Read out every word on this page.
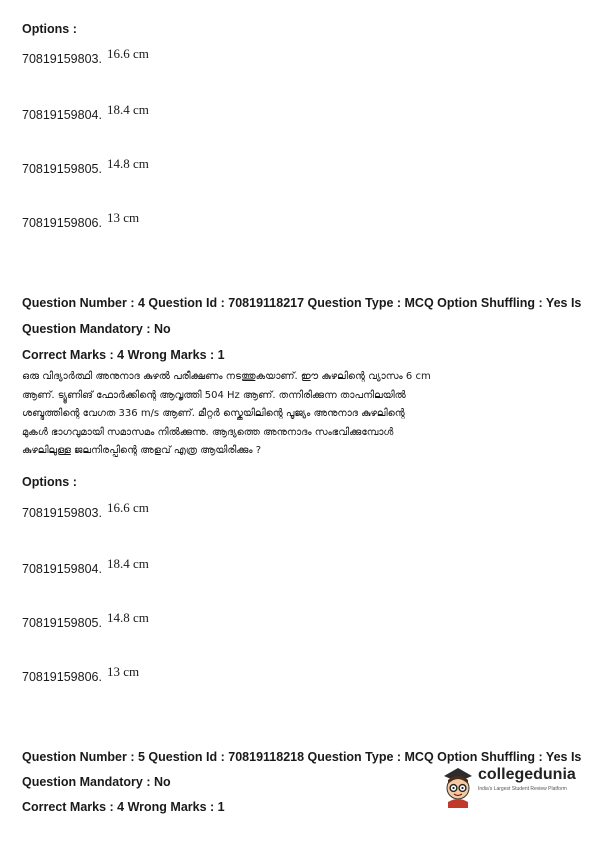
Options :
70819159803. 16.6 cm
70819159804. 18.4 cm
70819159805. 14.8 cm
70819159806. 13 cm
Question Number : 4 Question Id : 70819118217 Question Type : MCQ Option Shuffling : Yes Is
Question Mandatory : No
Correct Marks : 4 Wrong Marks : 1
ഒരു വിദ്യാർത്ഥി അനുനാദ കുഴൽ പരീക്ഷണം നടത്തുകയാണ്. ഈ കുഴലിന്റെ വ്യാസം 6 cm
ആണ്. ട്യൂണിങ് ഫോർക്കിന്റെ ആവൃത്തി 504 Hz ആണ്. തന്നിരിക്കുന്ന താപനിലയിൽ
ശബ്ദത്തിന്റെ വേഗത 336 m/s ആണ്. മീറ്റർ സ്കെയിലിന്റെ പൂജ്യം അനുനാദ കുഴലിന്റെ
മുകൾ ഭാഗവുമായി സമാസമം നിൽക്കുന്നു. ആദ്യത്തെ അനുനാദം സംഭവിക്കുമ്പോൾ
കുഴലിലുള്ള ജലനിരപ്പിന്റെ അളവ് എത്ര ആയിരിക്കും ?
Options :
70819159803. 16.6 cm
70819159804. 18.4 cm
70819159805. 14.8 cm
70819159806. 13 cm
Question Number : 5 Question Id : 70819118218 Question Type : MCQ Option Shuffling : Yes Is
Question Mandatory : No
Correct Marks : 4 Wrong Marks : 1
collegedunia
India's Largest Student Review Platform
